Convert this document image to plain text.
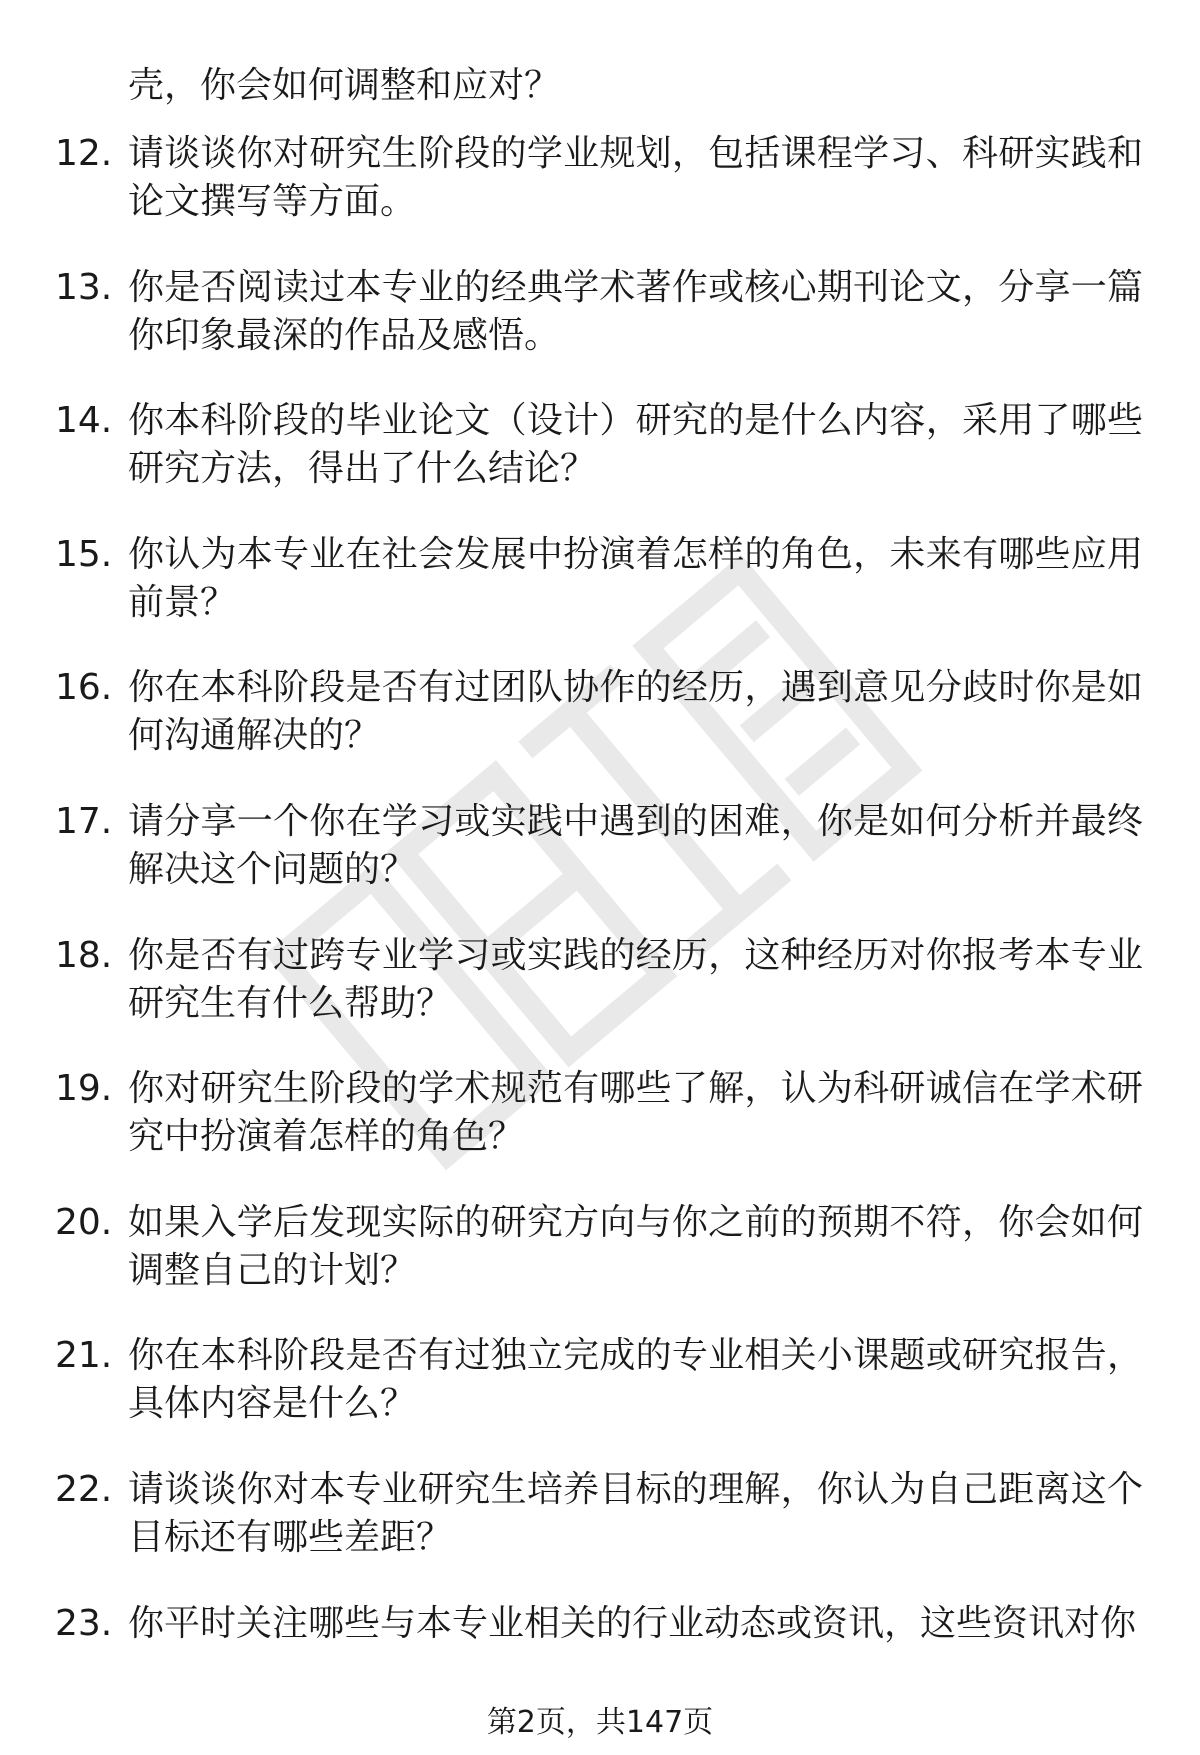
壳，你会如何调整和应对？

12. 请谈谈你对研究生阶段的学业规划，包括课程学习、科研实践和论文撰写等方面。
13. 你是否阅读过本专业的经典学术著作或核心期刊论文，分享一篇你印象最深的作品及感悟。
14. 你本科阶段的毕业论文（设计）研究的是什么内容，采用了哪些研究方法，得出了什么结论？
15. 你认为本专业在社会发展中扮演着怎样的角色，未来有哪些应用前景？
16. 你在本科阶段是否有过团队协作的经历，遇到意见分歧时你是如何沟通解决的？
17. 请分享一个你在学习或实践中遇到的困难，你是如何分析并最终解决这个问题的？
18. 你是否有过跨专业学习或实践的经历，这种经历对你报考本专业研究生有什么帮助？
19. 你对研究生阶段的学术规范有哪些了解，认为科研诚信在学术研究中扮演着怎样的角色？
20. 如果入学后发现实际的研究方向与你之前的预期不符，你会如何调整自己的计划？
21. 你在本科阶段是否有过独立完成的专业相关小课题或研究报告，具体内容是什么？
22. 请谈谈你对本专业研究生培养目标的理解，你认为自己距离这个目标还有哪些差距？
23. 你平时关注哪些与本专业相关的行业动态或资讯，这些资讯对你
第2页，共147页
